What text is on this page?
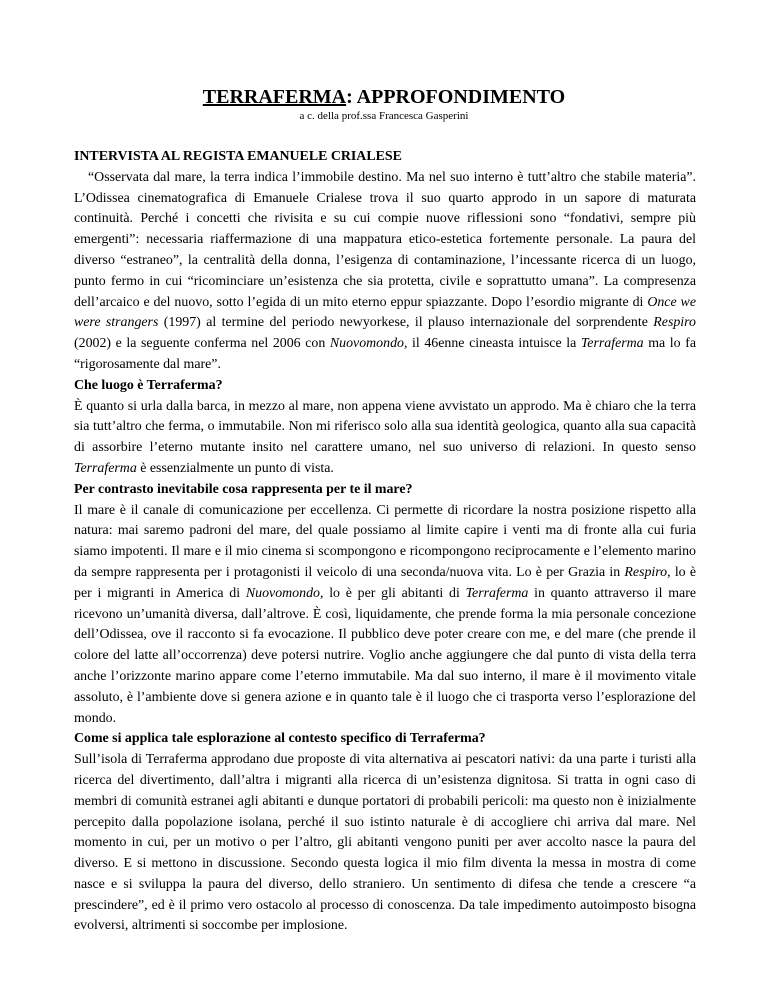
TERRAFERMA: APPROFONDIMENTO
a c. della prof.ssa Francesca Gasperini
INTERVISTA AL REGISTA EMANUELE CRIALESE

“Osservata dal mare, la terra indica l’immobile destino. Ma nel suo interno è tutt’altro che stabile materia”. L’Odissea cinematografica di Emanuele Crialese trova il suo quarto approdo in un sapore di maturata continuità. Perché i concetti che rivisita e su cui compie nuove riflessioni sono “fondativi, sempre più emergenti”: necessaria riaffermazione di una mappatura etico-estetica fortemente personale. La paura del diverso “estraneo”, la centralità della donna, l’esigenza di contaminazione, l’incessante ricerca di un luogo, punto fermo in cui “ricominciare un’esistenza che sia protetta, civile e soprattutto umana”. La compresenza dell’arcaico e del nuovo, sotto l’egida di un mito eterno eppur spiazzante. Dopo l’esordio migrante di Once we were strangers (1997) al termine del periodo newyorkese, il plauso internazionale del sorprendente Respiro (2002) e la seguente conferma nel 2006 con Nuovomondo, il 46enne cineasta intuisce la Terraferma ma lo fa “rigorosamente dal mare”.

Che luogo è Terraferma?

È quanto si urla dalla barca, in mezzo al mare, non appena viene avvistato un approdo. Ma è chiaro che la terra sia tutt’altro che ferma, o immutabile. Non mi riferisco solo alla sua identità geologica, quanto alla sua capacità di assorbire l’eterno mutante insito nel carattere umano, nel suo universo di relazioni. In questo senso Terraferma è essenzialmente un punto di vista.

Per contrasto inevitabile cosa rappresenta per te il mare?

Il mare è il canale di comunicazione per eccellenza. Ci permette di ricordare la nostra posizione rispetto alla natura: mai saremo padroni del mare, del quale possiamo al limite capire i venti ma di fronte alla cui furia siamo impotenti. Il mare e il mio cinema si scompongono e ricompongono reciprocamente e l’elemento marino da sempre rappresenta per i protagonisti il veicolo di una seconda/nuova vita. Lo è per Grazia in Respiro, lo è per i migranti in America di Nuovomondo, lo è per gli abitanti di Terraferma in quanto attraverso il mare ricevono un’umanità diversa, dall’altrove. È così, liquidamente, che prende forma la mia personale concezione dell’Odissea, ove il racconto si fa evocazione. Il pubblico deve poter creare con me, e del mare (che prende il colore del latte all’occorrenza) deve potersi nutrire. Voglio anche aggiungere che dal punto di vista della terra anche l’orizzonte marino appare come l’eterno immutabile. Ma dal suo interno, il mare è il movimento vitale assoluto, è l’ambiente dove si genera azione e in quanto tale è il luogo che ci trasporta verso l’esplorazione del mondo.

Come si applica tale esplorazione al contesto specifico di Terraferma?

Sull’isola di Terraferma approdano due proposte di vita alternativa ai pescatori nativi: da una parte i turisti alla ricerca del divertimento, dall’altra i migranti alla ricerca di un’esistenza dignitosa. Si tratta in ogni caso di membri di comunità estranei agli abitanti e dunque portatori di probabili pericoli: ma questo non è inizialmente percepito dalla popolazione isolana, perché il suo istinto naturale è di accogliere chi arriva dal mare. Nel momento in cui, per un motivo o per l’altro, gli abitanti vengono puniti per aver accolto nasce la paura del diverso. E si mettono in discussione. Secondo questa logica il mio film diventa la messa in mostra di come nasce e si sviluppa la paura del diverso, dello straniero. Un sentimento di difesa che tende a crescere “a prescindere”, ed è il primo vero ostacolo al processo di conoscenza. Da tale impedimento autoimposto bisogna evolversi, altrimenti si soccombe per implosione.
